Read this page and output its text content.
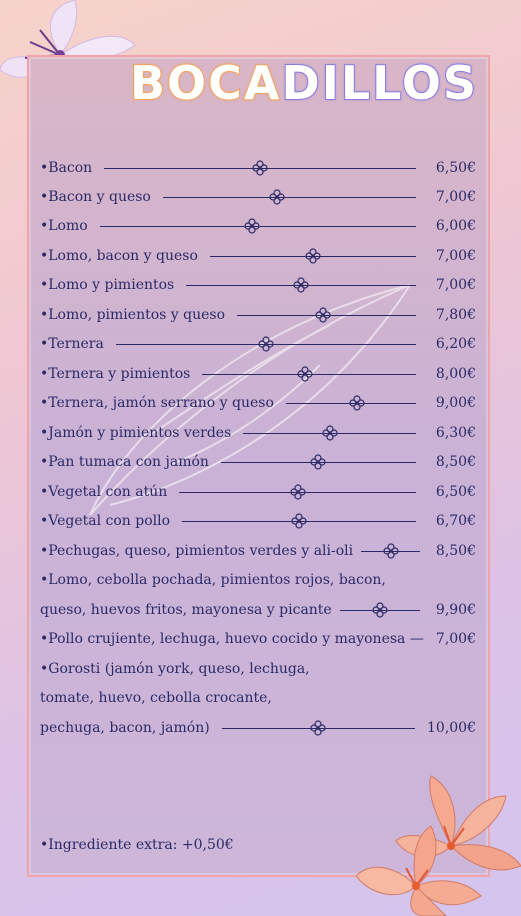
BOCADILLOS
•Bacon	6,50€
•Bacon y queso	7,00€
•Lomo	6,00€
•Lomo, bacon y queso	7,00€
•Lomo y pimientos	7,00€
•Lomo, pimientos y queso	7,80€
•Ternera	6,20€
•Ternera y pimientos	8,00€
•Ternera, jamón serrano y queso	9,00€
•Jamón y pimientos verdes	6,30€
•Pan tumaca con jamón	8,50€
•Vegetal con atún	6,50€
•Vegetal con pollo	6,70€
•Pechugas, queso, pimientos verdes y ali-oli	8,50€
•Lomo, cebolla pochada, pimientos rojos, bacon,
queso, huevos fritos, mayonesa y picante	9,90€
•Pollo crujiente, lechuga, huevo cocido y mayonesa — 7,00€
•Gorosti (jamón york, queso, lechuga,
tomate, huevo, cebolla crocante,
pechuga, bacon, jamón)	10,00€
•Ingrediente extra: +0,50€
